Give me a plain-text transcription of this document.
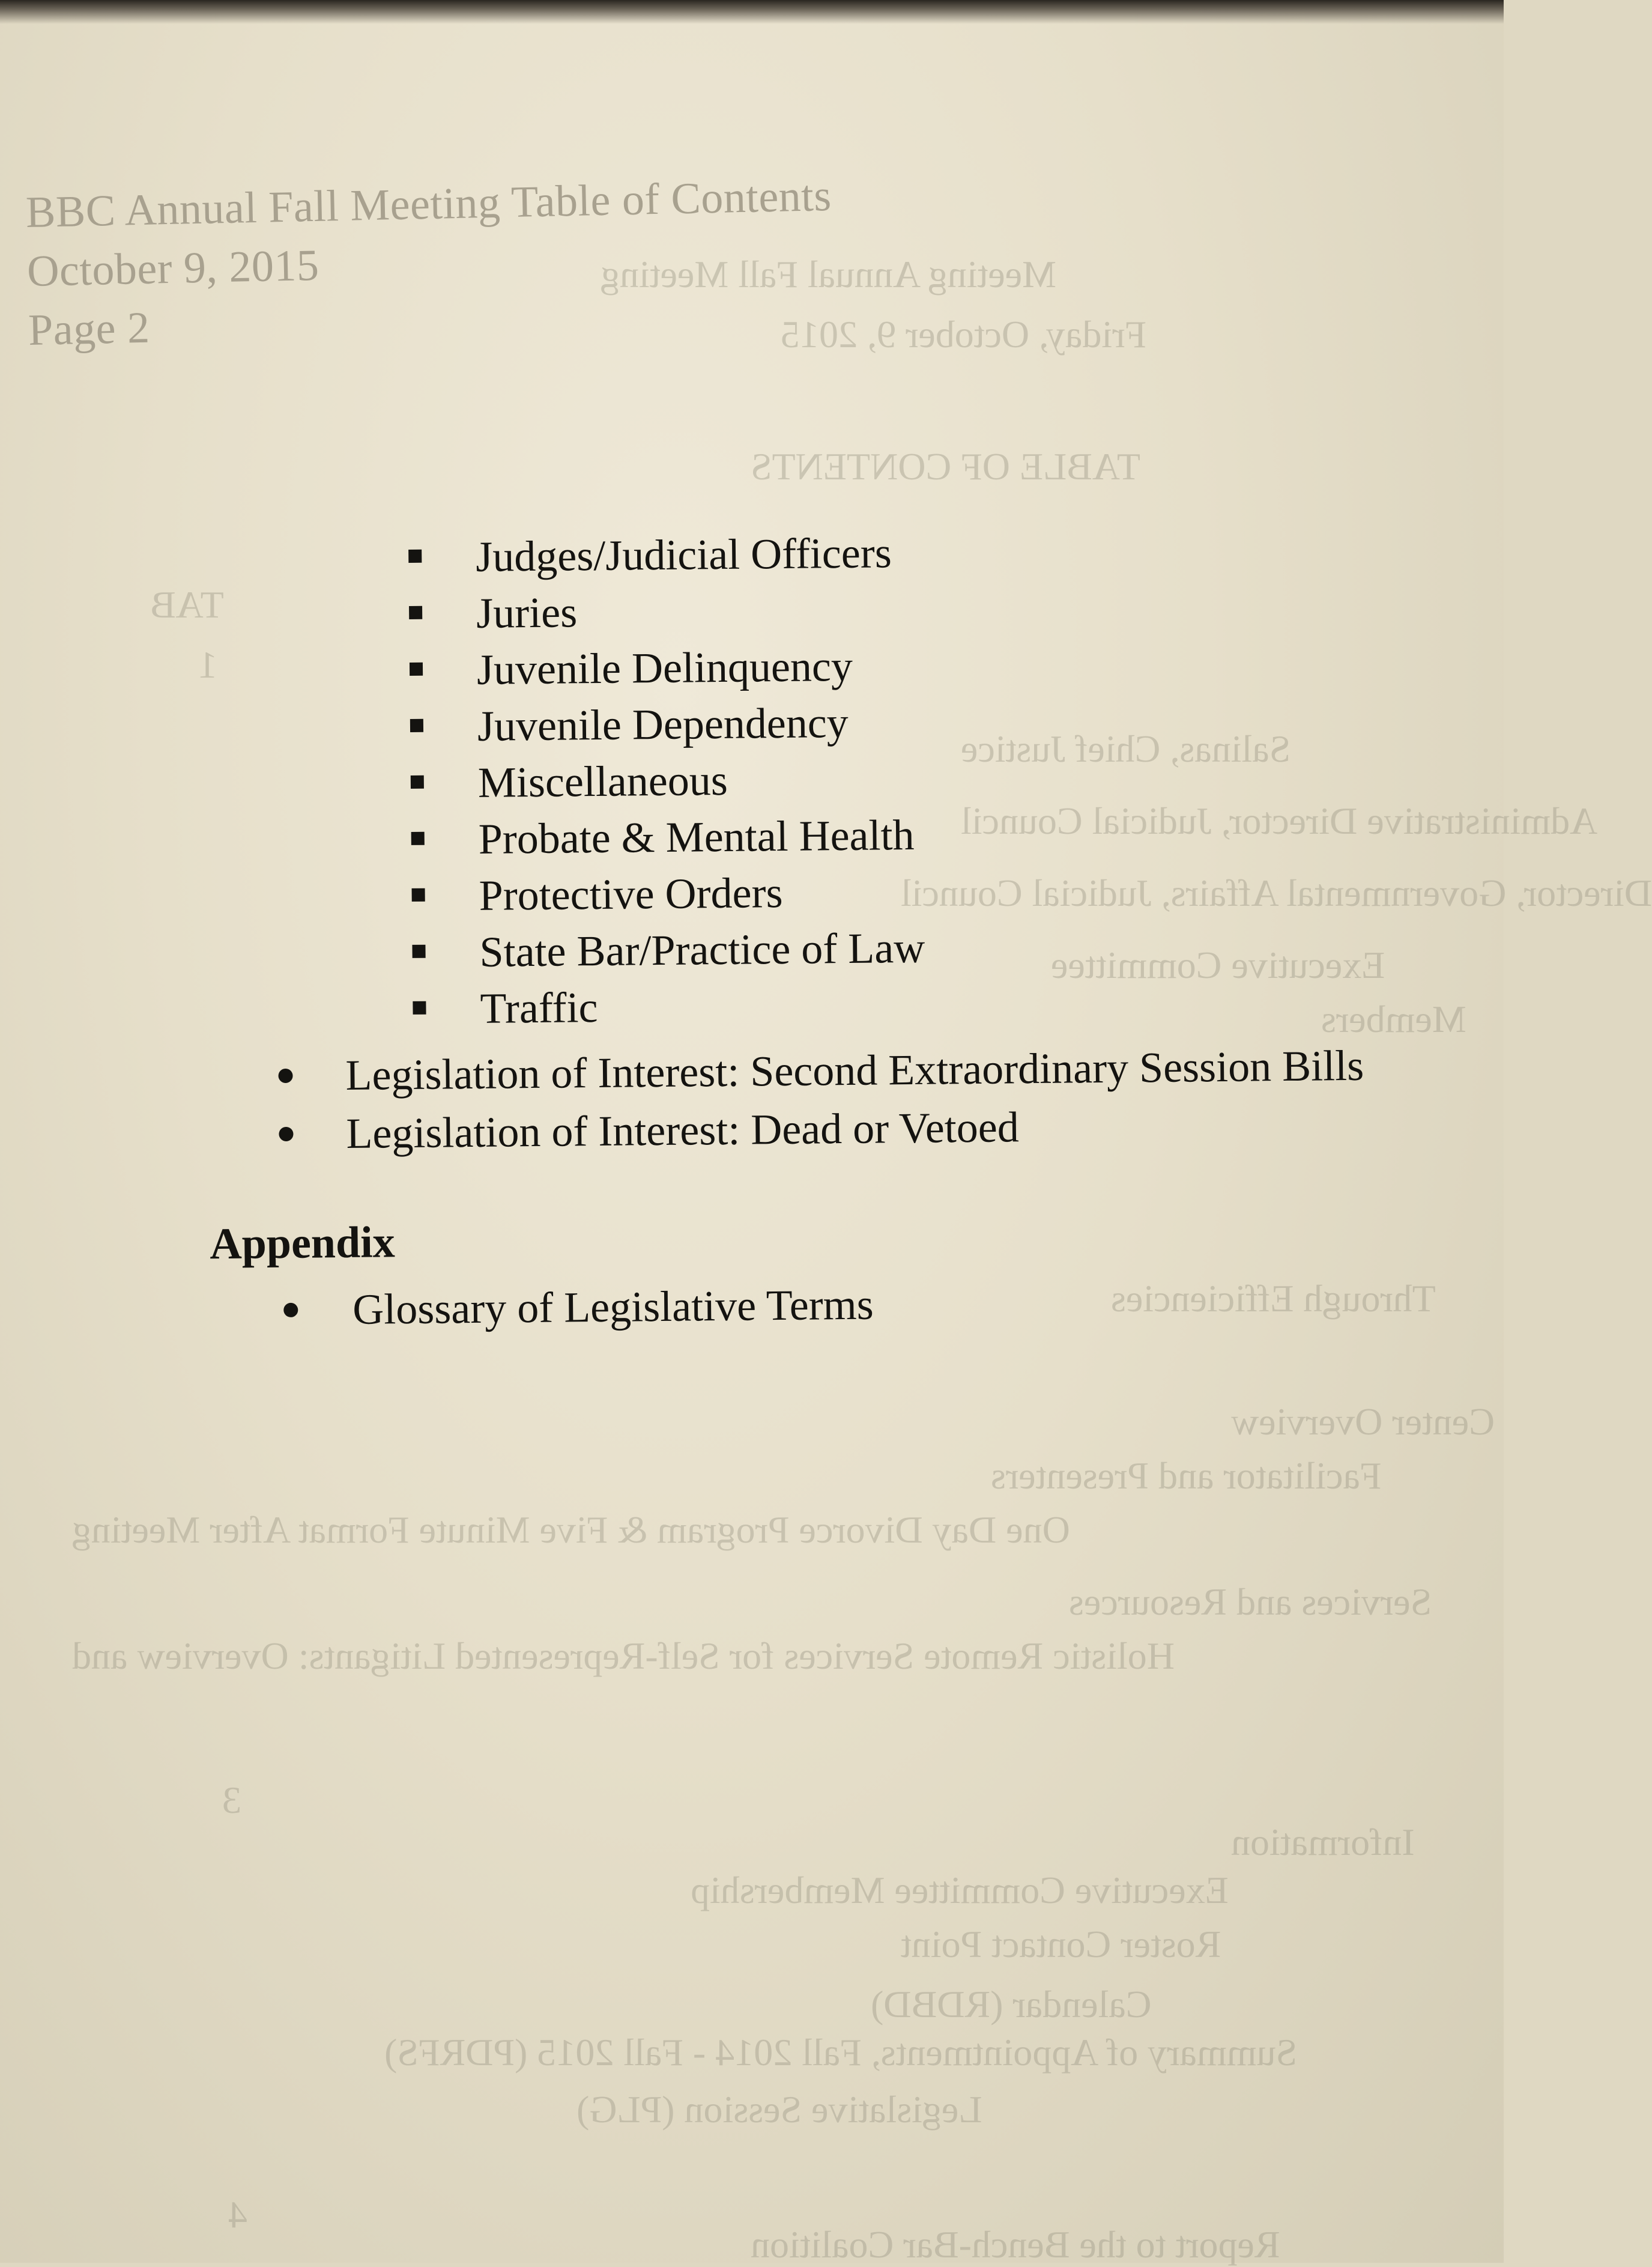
Meeting Annual Fall Meeting
Friday, October 9, 2015
TABLE OF CONTENTS
TAB
1
Salinas, Chief Justice
Administrative Director, Judicial Council
Director, Governmental Affairs, Judicial Council
Executive Committee
Members
Through Efficiencies
Center Overview
Facilitator and Presenters
One Day Divorce Program & Five Minute Format After Meeting
Services and Resources
Holistic Remote Services for Self-Represented Litigants: Overview and
3
Information
Executive Committee Membership
Roster Contact Point
Calendar (RDBD)
Summary of Appointments, Fall 2014 - Fall 2015 (PDRFS)
Legislative Session (PLG)
4
Report to the Bench-Bar Coalition
BBC Annual Fall Meeting Table of Contents
October 9, 2015
Page 2
Judges/Judicial Officers
Juries
Juvenile Delinquency
Juvenile Dependency
Miscellaneous
Probate & Mental Health
Protective Orders
State Bar/Practice of Law
Traffic
Legislation of Interest: Second Extraordinary Session Bills
Legislation of Interest: Dead or Vetoed
Appendix
Glossary of Legislative Terms
